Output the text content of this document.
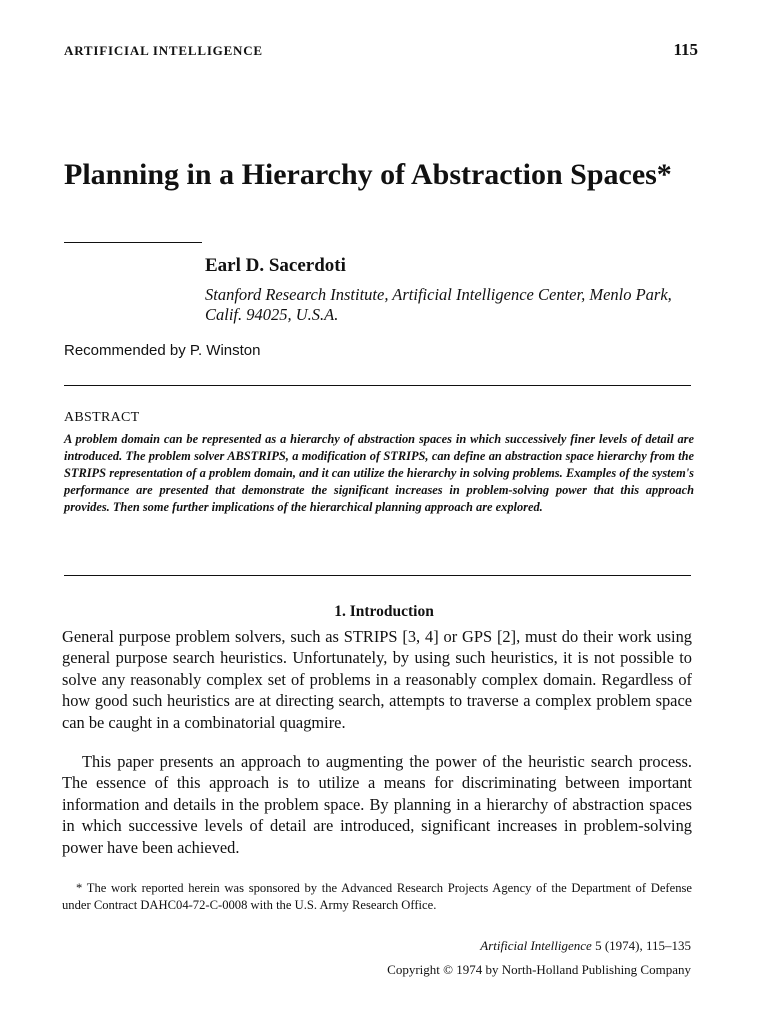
ARTIFICIAL INTELLIGENCE	115
Planning in a Hierarchy of Abstraction Spaces*
Earl D. Sacerdoti
Stanford Research Institute, Artificial Intelligence Center, Menlo Park, Calif. 94025, U.S.A.
Recommended by P. Winston
ABSTRACT

A problem domain can be represented as a hierarchy of abstraction spaces in which successively finer levels of detail are introduced. The problem solver ABSTRIPS, a modification of STRIPS, can define an abstraction space hierarchy from the STRIPS representation of a problem domain, and it can utilize the hierarchy in solving problems. Examples of the system's performance are presented that demonstrate the significant increases in problem-solving power that this approach provides. Then some further implications of the hierarchical planning approach are explored.

1. Introduction

General purpose problem solvers, such as STRIPS [3, 4] or GPS [2], must do their work using general purpose search heuristics. Unfortunately, by using such heuristics, it is not possible to solve any reasonably complex set of problems in a reasonably complex domain. Regardless of how good such heuristics are at directing search, attempts to traverse a complex problem space can be caught in a combinatorial quagmire.

This paper presents an approach to augmenting the power of the heuristic search process. The essence of this approach is to utilize a means for discriminating between important information and details in the problem space. By planning in a hierarchy of abstraction spaces in which successive levels of detail are introduced, significant increases in problem-solving power have been achieved.

* The work reported herein was sponsored by the Advanced Research Projects Agency of the Department of Defense under Contract DAHC04-72-C-0008 with the U.S. Army Research Office.

Artificial Intelligence 5 (1974), 115–135
Copyright © 1974 by North-Holland Publishing Company
